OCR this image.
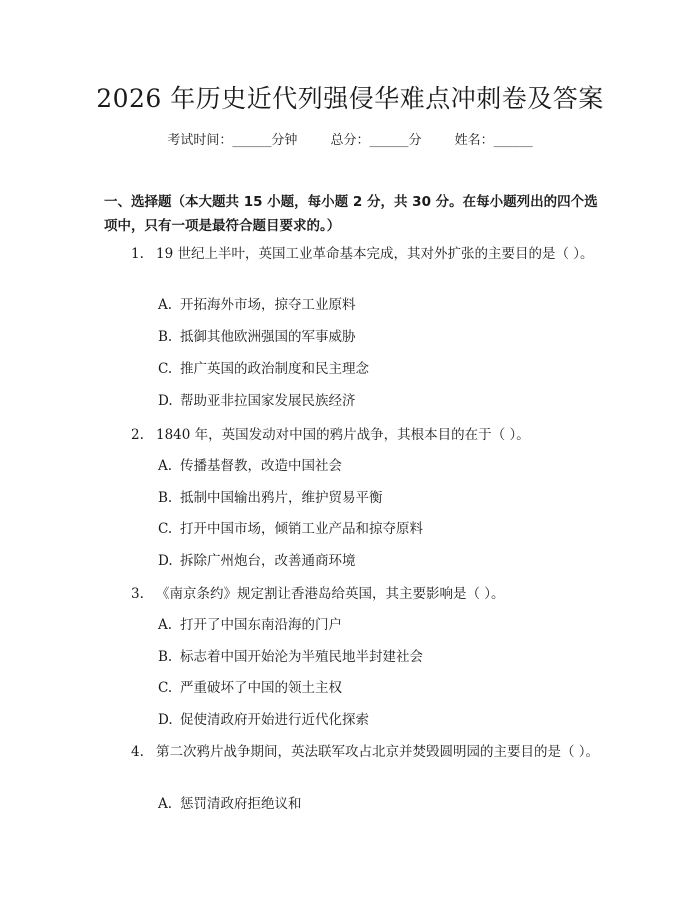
2026 年历史近代列强侵华难点冲刺卷及答案
考试时间：______分钟	总分：______分	姓名：______
一、选择题（本大题共 15 小题，每小题 2 分，共 30 分。在每小题列出的四个选项中，只有一项是最符合题目要求的。）
1. 19 世纪上半叶，英国工业革命基本完成，其对外扩张的主要目的是（ ）。
A. 开拓海外市场，掠夺工业原料
B. 抵御其他欧洲强国的军事威胁
C. 推广英国的政治制度和民主理念
D. 帮助亚非拉国家发展民族经济
2. 1840 年，英国发动对中国的鸦片战争，其根本目的在于（ ）。
A. 传播基督教，改造中国社会
B. 抵制中国输出鸦片，维护贸易平衡
C. 打开中国市场，倾销工业产品和掠夺原料
D. 拆除广州炮台，改善通商环境
3. 《南京条约》规定割让香港岛给英国，其主要影响是（ ）。
A. 打开了中国东南沿海的门户
B. 标志着中国开始沦为半殖民地半封建社会
C. 严重破坏了中国的领土主权
D. 促使清政府开始进行近代化探索
4. 第二次鸦片战争期间，英法联军攻占北京并焚毁圆明园的主要目的是（ ）。
A. 惩罚清政府拒绝议和
